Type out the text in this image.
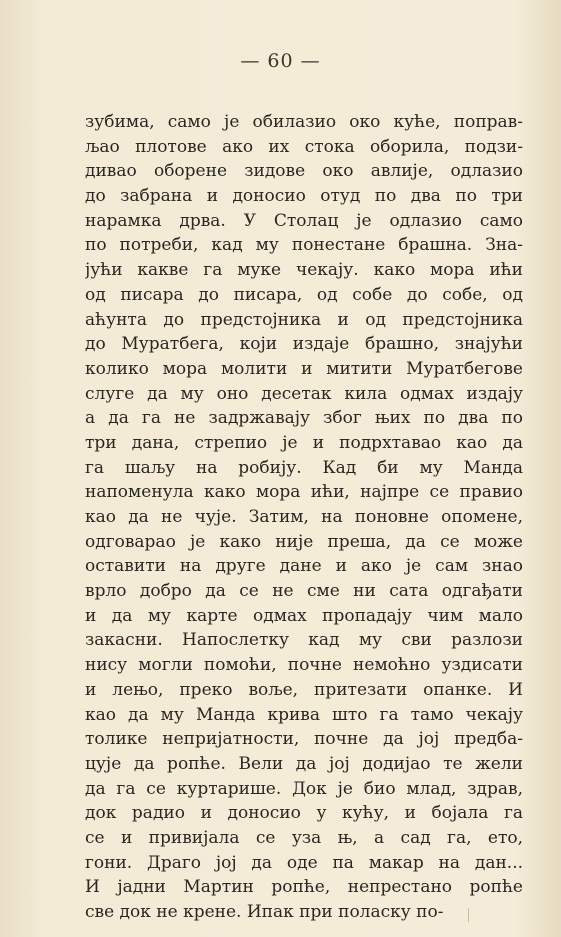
— 60 —
зубима, само је обилазио око куће, поправ-
љао плотове ако их стока оборила, подзи-
дивао оборене зидове око авлије, одлазио
до забрана и доносио отуд по два по три
нарамка дрва. У Столац је одлазио само
по потреби, кад му понестане брашна. Зна-
јући какве га муке чекају. како мора ићи
од писара до писара, од собе до собе, од
аћунта до предстојника и од предстојника
до Муратбега, који издаје брашно, знајући
колико мора молити и митити Муратбегове
слуге да му оно десетак кила одмах издају
а да га не задржавају због њих по два по
три дана, стрепио је и подрхтавао као да
га шаљу на робију. Кад би му Манда
напоменула како мора ићи, најпре се правио
као да не чује. Затим, на поновне опомене,
одговарао је како није прешa, да се може
оставити на друге дане и ако је сам знао
врло добро да се не сме ни сата одгађати
и да му карте одмах пропадају чим мало
закасни. Напослетку кад му сви разлози
нису могли помоћи, почне немоћно уздисати
и лењо, преко воље, притезати опанке. И
као да му Манда крива што га тамо чекају
толике непријатности, почне да јој предба-
цује да ропће. Вели да јој додијао те жели
да га се куртарише. Док је био млад, здрав,
док радио и доносио у кућу, и бојала га
се и привијала се уза њ, а сад га, ето,
гони. Драго јој да оде па макар на дан...
И јадни Мартин ропће, непрестано ропће
све док не крене. Ипак при поласку по-
